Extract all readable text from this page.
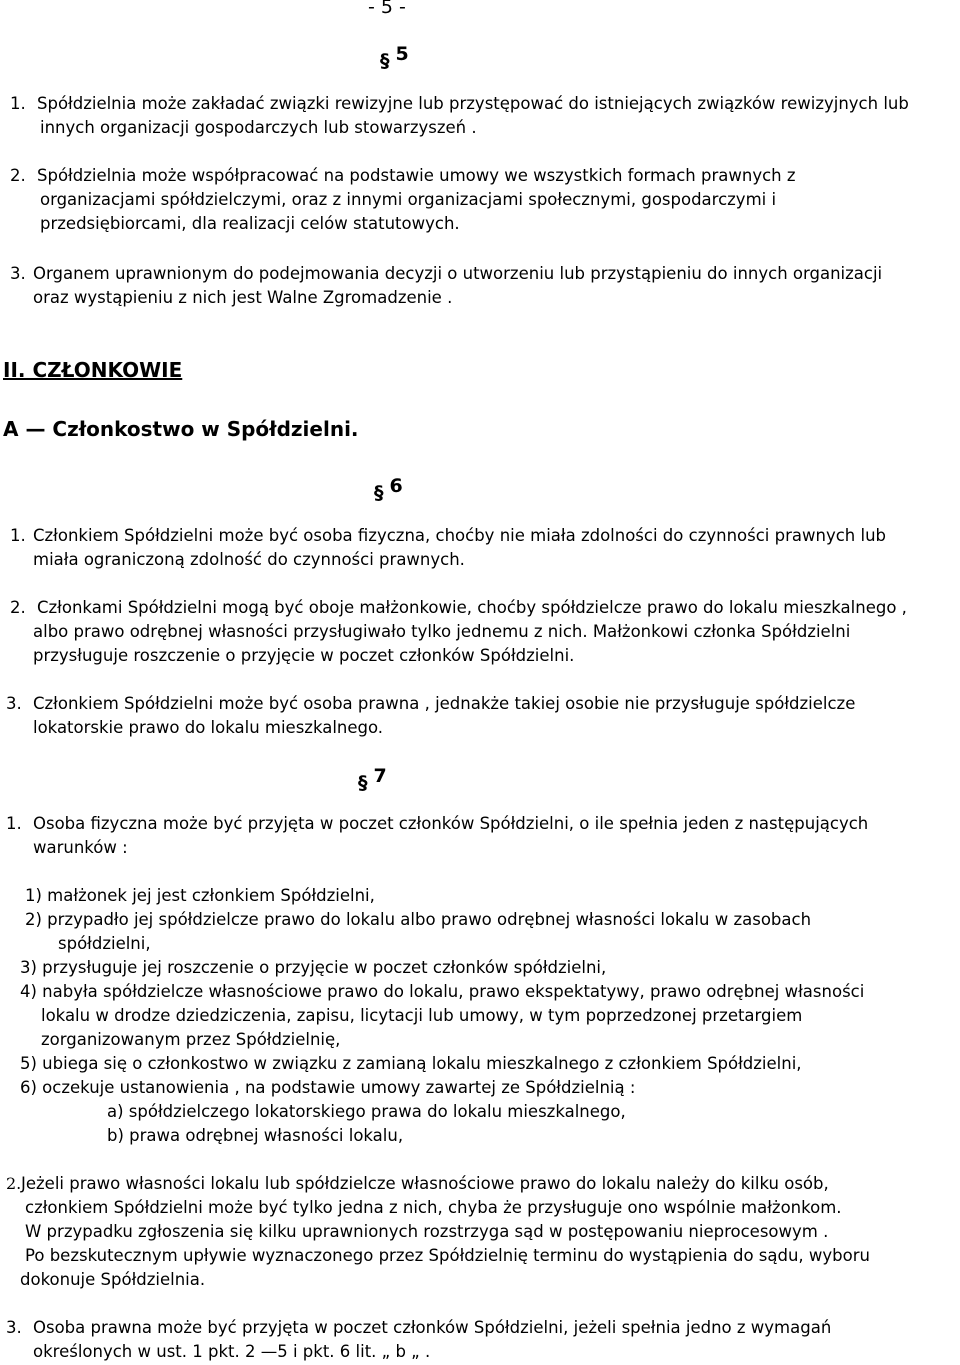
- 5 -
§ 5
1. Spółdzielnia może zakładać związki rewizyjne lub przystępować do istniejących związków rewizyjnych lub
innych organizacji gospodarczych lub stowarzyszeń .
2. Spółdzielnia może współpracować na podstawie umowy we wszystkich formach prawnych z
organizacjami spółdzielczymi, oraz z innymi organizacjami społecznymi, gospodarczymi i
przedsiębiorcami, dla realizacji celów statutowych.
3. Organem uprawnionym do podejmowania decyzji o utworzeniu lub przystąpieniu do innych organizacji
oraz wystąpieniu z nich jest Walne Zgromadzenie .
II. CZŁONKOWIE
A — Członkostwo w Spółdzielni.
§ 6
1. Członkiem Spółdzielni może być osoba fizyczna, choćby nie miała zdolności do czynności prawnych lub
miała ograniczoną zdolność do czynności prawnych.
2. Członkami Spółdzielni mogą być oboje małżonkowie, choćby spółdzielcze prawo do lokalu mieszkalnego ,
albo prawo odrębnej własności przysługiwało tylko jednemu z nich. Małżonkowi członka Spółdzielni
przysługuje roszczenie o przyjęcie w poczet członków Spółdzielni.
3. Członkiem Spółdzielni może być osoba prawna , jednakże takiej osobie nie przysługuje spółdzielcze
lokatorskie prawo do lokalu mieszkalnego.
§ 7
1. Osoba fizyczna może być przyjęta w poczet członków Spółdzielni, o ile spełnia jeden z następujących
warunków :
1) małżonek jej jest członkiem Spółdzielni,
2) przypadło jej spółdzielcze prawo do lokalu albo prawo odrębnej własności lokalu w zasobach
spółdzielni,
3) przysługuje jej roszczenie o przyjęcie w poczet członków spółdzielni,
4) nabyła spółdzielcze własnościowe prawo do lokalu, prawo ekspektatywy, prawo odrębnej własności
lokalu w drodze dziedziczenia, zapisu, licytacji lub umowy, w tym poprzedzonej przetargiem
zorganizowanym przez Spółdzielnię,
5) ubiega się o członkostwo w związku z zamianą lokalu mieszkalnego z członkiem Spółdzielni,
6) oczekuje ustanowienia , na podstawie umowy zawartej ze Spółdzielnią :
a) spółdzielczego lokatorskiego prawa do lokalu mieszkalnego,
b) prawa odrębnej własności lokalu,
2. Jeżeli prawo własności lokalu lub spółdzielcze własnościowe prawo do lokalu należy do kilku osób,
członkiem Spółdzielni może być tylko jedna z nich, chyba że przysługuje ono wspólnie małżonkom.
W przypadku zgłoszenia się kilku uprawnionych rozstrzyga sąd w postępowaniu nieprocesowym .
Po bezskutecznym upływie wyznaczonego przez Spółdzielnię terminu do wystąpienia do sądu, wyboru
dokonuje Spółdzielnia.
3. Osoba prawna może być przyjęta w poczet członków Spółdzielni, jeżeli spełnia jedno z wymagań
określonych w ust. 1 pkt. 2 —5 i pkt. 6 lit. „ b „ .
